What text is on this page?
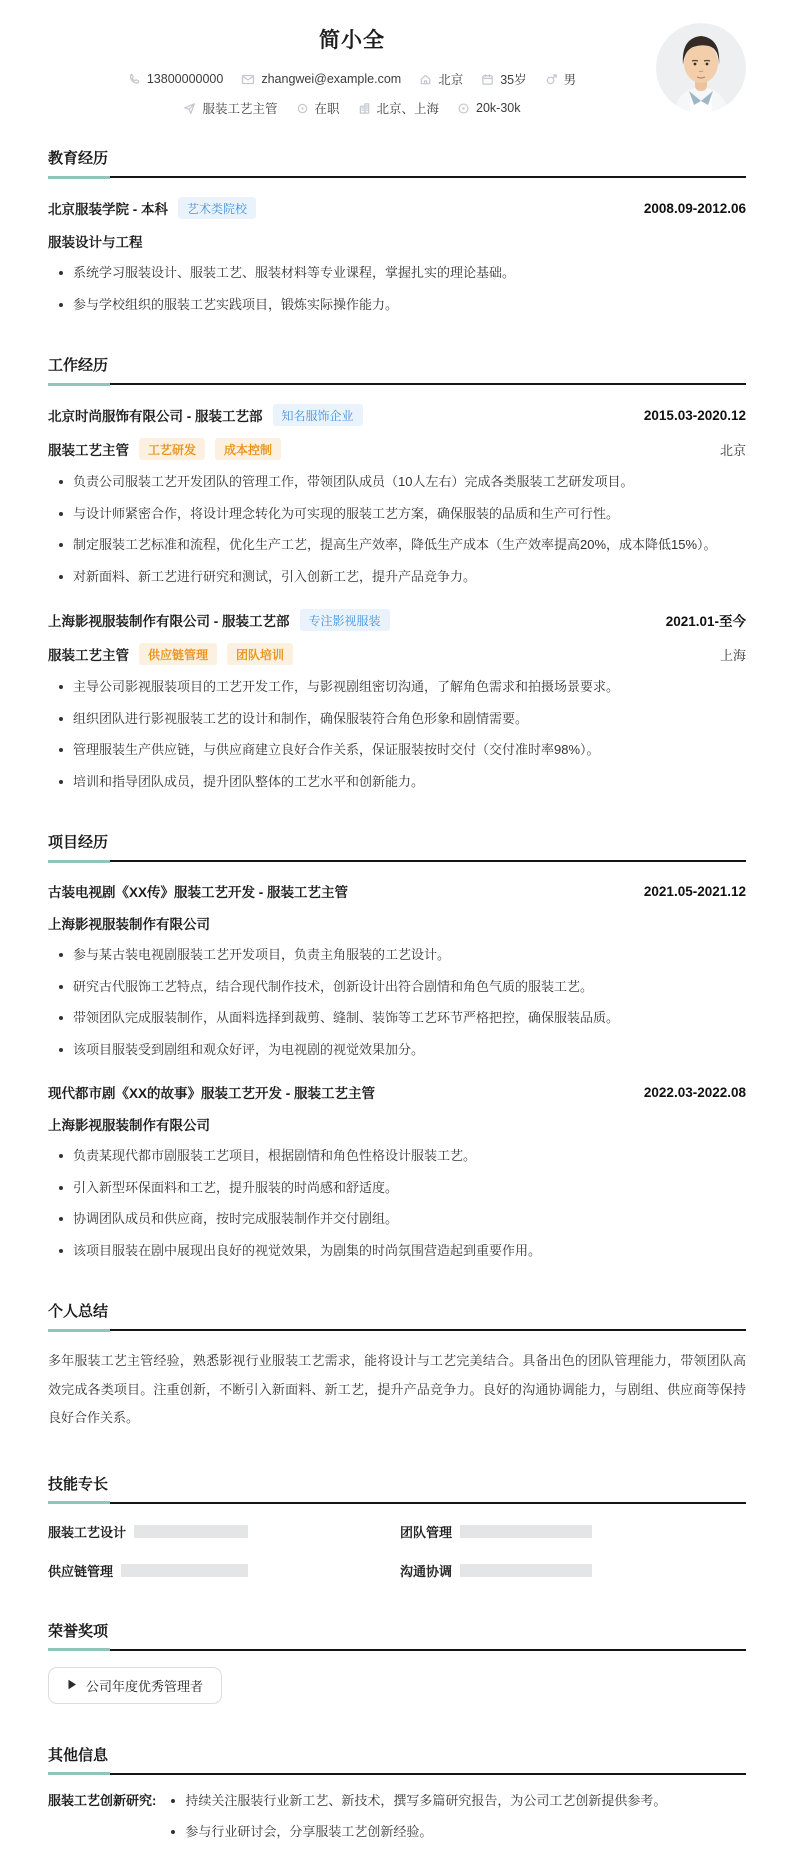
简小全
13800000000	zhangwei@example.com	北京	35岁	男
服装工艺主管	在职	北京、上海	20k-30k
教育经历
北京服装学院 - 本科	艺术类院校	2008.09-2012.06
服装设计与工程
系统学习服装设计、服装工艺、服装材料等专业课程，掌握扎实的理论基础。
参与学校组织的服装工艺实践项目，锻炼实际操作能力。
工作经历
北京时尚服饰有限公司 - 服装工艺部	知名服饰企业	2015.03-2020.12
服装工艺主管	工艺研发	成本控制	北京
负责公司服装工艺开发团队的管理工作，带领团队成员（10人左右）完成各类服装工艺研发项目。
与设计师紧密合作，将设计理念转化为可实现的服装工艺方案，确保服装的品质和生产可行性。
制定服装工艺标准和流程，优化生产工艺，提高生产效率，降低生产成本（生产效率提高20%，成本降低15%）。
对新面料、新工艺进行研究和测试，引入创新工艺，提升产品竞争力。
上海影视服装制作有限公司 - 服装工艺部	专注影视服装	2021.01-至今
服装工艺主管	供应链管理	团队培训	上海
主导公司影视服装项目的工艺开发工作，与影视剧组密切沟通，了解角色需求和拍摄场景要求。
组织团队进行影视服装工艺的设计和制作，确保服装符合角色形象和剧情需要。
管理服装生产供应链，与供应商建立良好合作关系，保证服装按时交付（交付准时率98%）。
培训和指导团队成员，提升团队整体的工艺水平和创新能力。
项目经历
古装电视剧《XX传》服装工艺开发 - 服装工艺主管	2021.05-2021.12
上海影视服装制作有限公司
参与某古装电视剧服装工艺开发项目，负责主角服装的工艺设计。
研究古代服饰工艺特点，结合现代制作技术，创新设计出符合剧情和角色气质的服装工艺。
带领团队完成服装制作，从面料选择到裁剪、缝制、装饰等工艺环节严格把控，确保服装品质。
该项目服装受到剧组和观众好评，为电视剧的视觉效果加分。
现代都市剧《XX的故事》服装工艺开发 - 服装工艺主管	2022.03-2022.08
上海影视服装制作有限公司
负责某现代都市剧服装工艺项目，根据剧情和角色性格设计服装工艺。
引入新型环保面料和工艺，提升服装的时尚感和舒适度。
协调团队成员和供应商，按时完成服装制作并交付剧组。
该项目服装在剧中展现出良好的视觉效果，为剧集的时尚氛围营造起到重要作用。
个人总结

多年服装工艺主管经验，熟悉影视行业服装工艺需求，能将设计与工艺完美结合。具备出色的团队管理能力，带领团队高效完成各类项目。注重创新，不断引入新面料、新工艺，提升产品竞争力。良好的沟通协调能力，与剧组、供应商等保持良好合作关系。

技能专长
服装工艺设计	团队管理
供应链管理	沟通协调
荣誉奖项
公司年度优秀管理者
其他信息
服装工艺创新研究:	持续关注服装行业新工艺、新技术，撰写多篇研究报告，为公司工艺创新提供参考。
参与行业研讨会，分享服装工艺创新经验。
